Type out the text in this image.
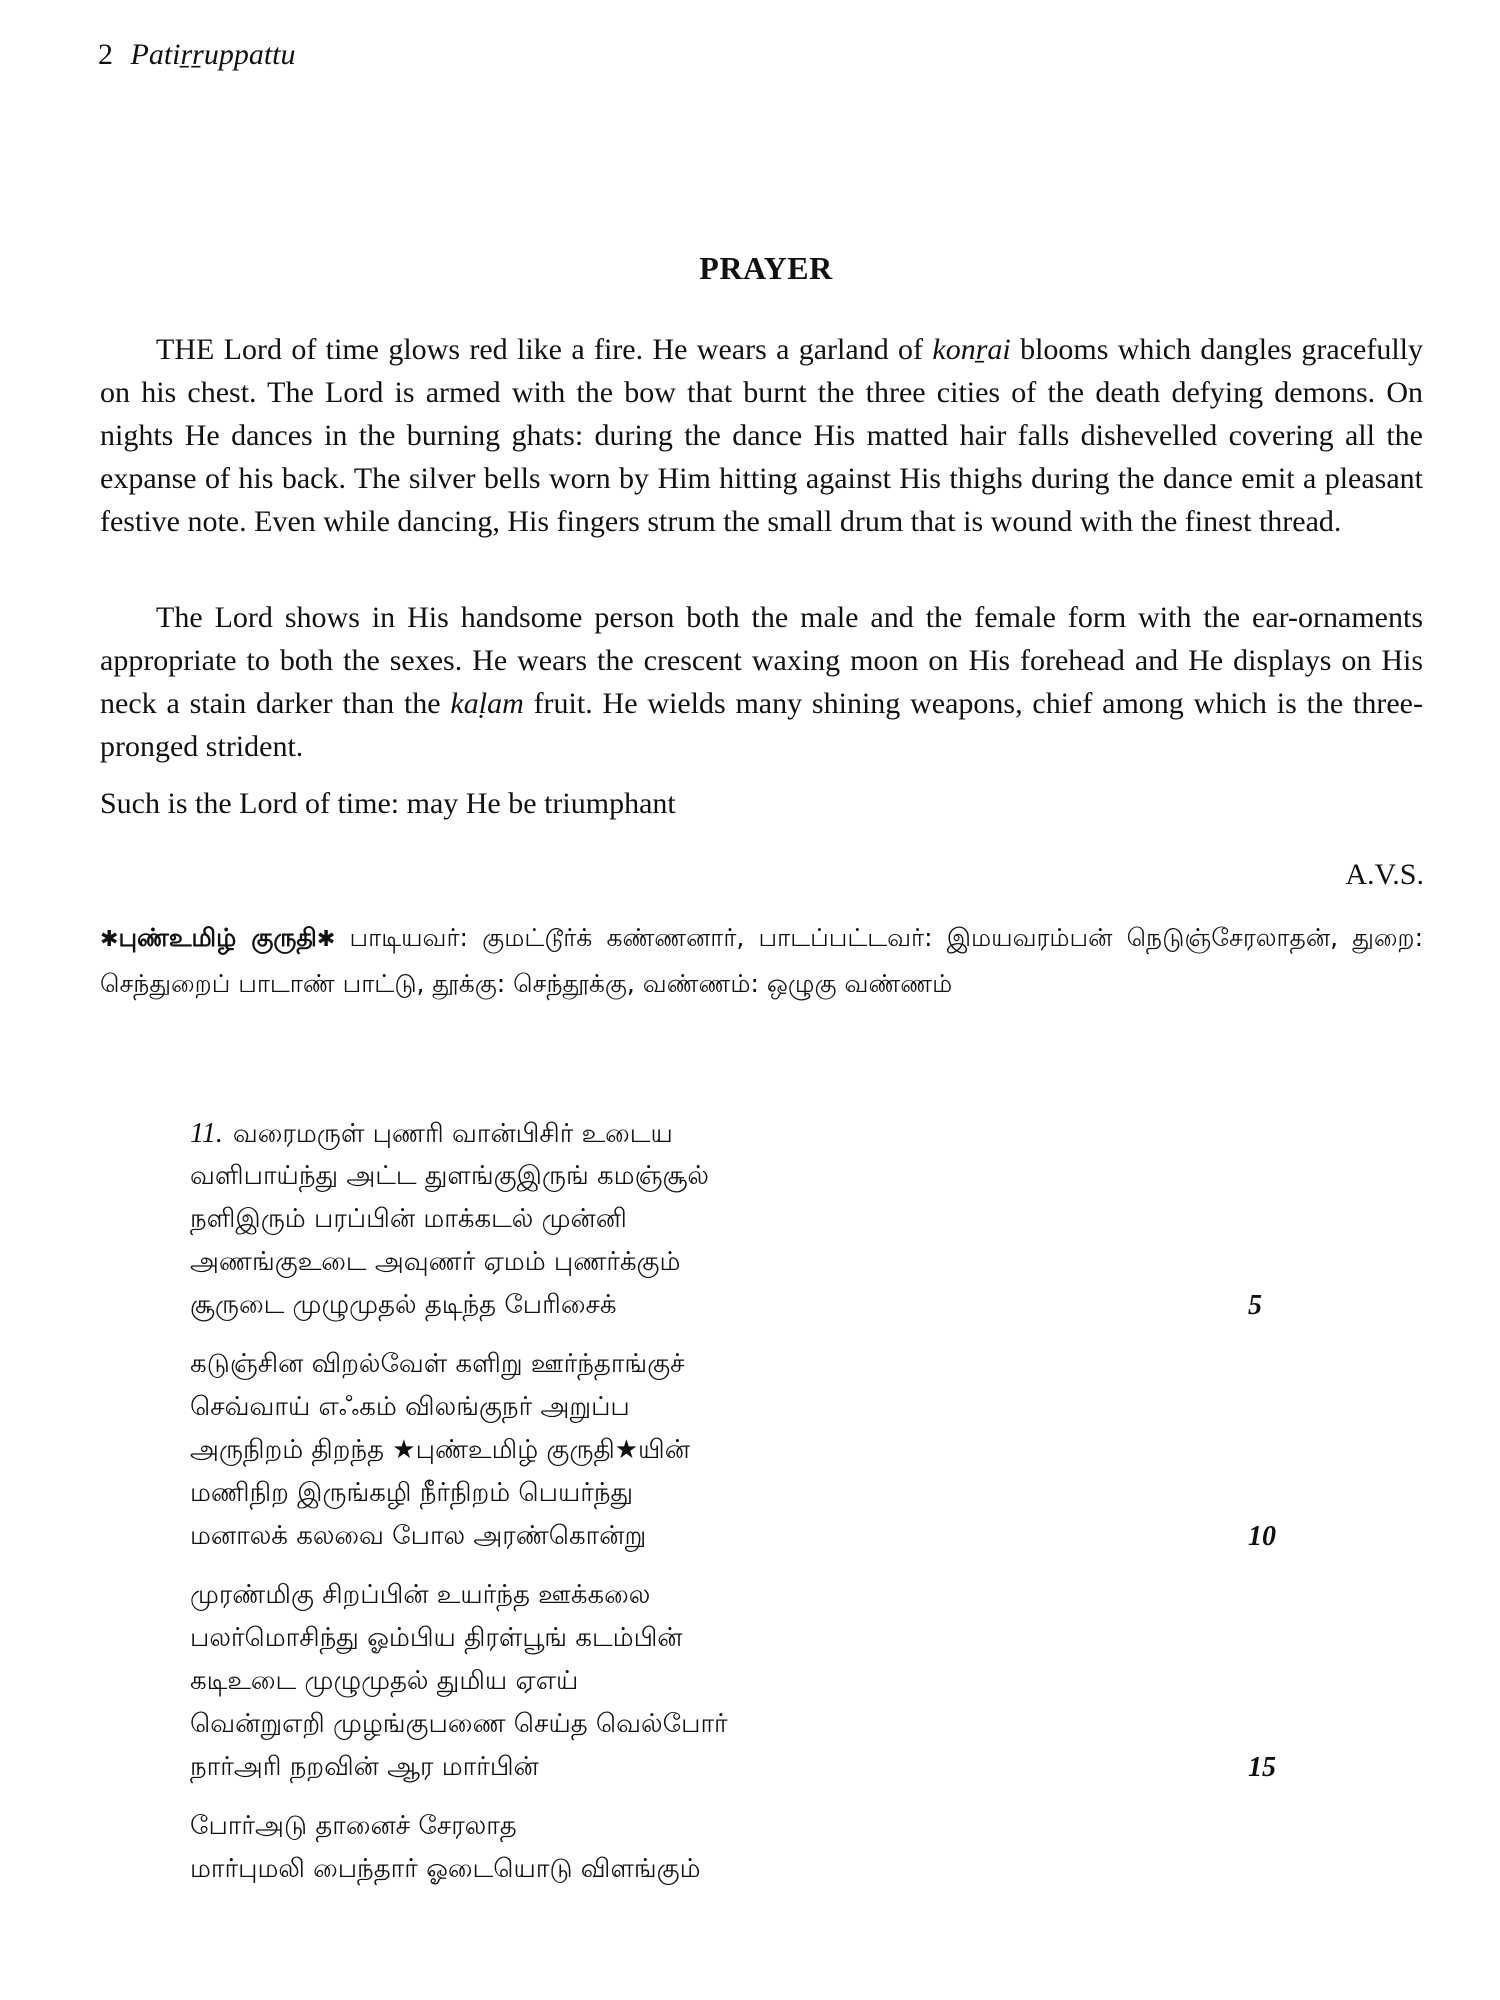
2 Patiṟṟuppattu
PRAYER
THE Lord of time glows red like a fire. He wears a garland of konṟai blooms which dangles gracefully on his chest. The Lord is armed with the bow that burnt the three cities of the death defying demons. On nights He dances in the burning ghats: during the dance His matted hair falls dishevelled covering all the expanse of his back. The silver bells worn by Him hitting against His thighs during the dance emit a pleasant festive note. Even while dancing, His fingers strum the small drum that is wound with the finest thread.
The Lord shows in His handsome person both the male and the female form with the ear-ornaments appropriate to both the sexes. He wears the crescent waxing moon on His forehead and He displays on His neck a stain darker than the kaḷam fruit. He wields many shining weapons, chief among which is the three-pronged strident.
Such is the Lord of time: may He be triumphant
A.V.S.
✱புண்உமிழ் குருதி✱ பாடியவர்: குமட்டூர்க் கண்ணனார், பாடப்பட்டவர்: இமயவரம்பன் நெடுஞ்சேரலாதன், துறை: செந்துறைப் பாடாண் பாட்டு, தூக்கு: செந்தூக்கு, வண்ணம்: ஒழுகு வண்ணம்
11. வரைமருள் புணரி வான்பிசிர் உடைய
வளிபாய்ந்து அட்ட துளங்குஇருங் கமஞ்சூல்
நளிஇரும் பரப்பின் மாக்கடல் முன்னி
அணங்குஉடை அவுணர் ஏமம் புணர்க்கும்
சூருடை முழுமுதல் தடிந்த பேரிசைக்	5
கடுஞ்சின விறல்வேள் களிறு ஊர்ந்தாங்குச்
செவ்வாய் எஃகம் விலங்குநர் அறுப்ப
அருநிறம் திறந்த ★புண்உமிழ் குருதி★யின்
மணிநிற இருங்கழி நீர்நிறம் பெயர்ந்து
மனாலக் கலவை போல அரண்கொன்று	10
முரண்மிகு சிறப்பின் உயர்ந்த ஊக்கலை
பலர்மொசிந்து ஓம்பிய திரள்பூங் கடம்பின்
கடிஉடை முழுமுதல் துமிய ஏஎய்
வென்றுஎறி முழங்குபணை செய்த வெல்போர்
நார்அரி நறவின் ஆர மார்பின்	15
போர்அடு தானைச் சேரலாத
மார்புமலி பைந்தார் ஓடையொடு விளங்கும்
